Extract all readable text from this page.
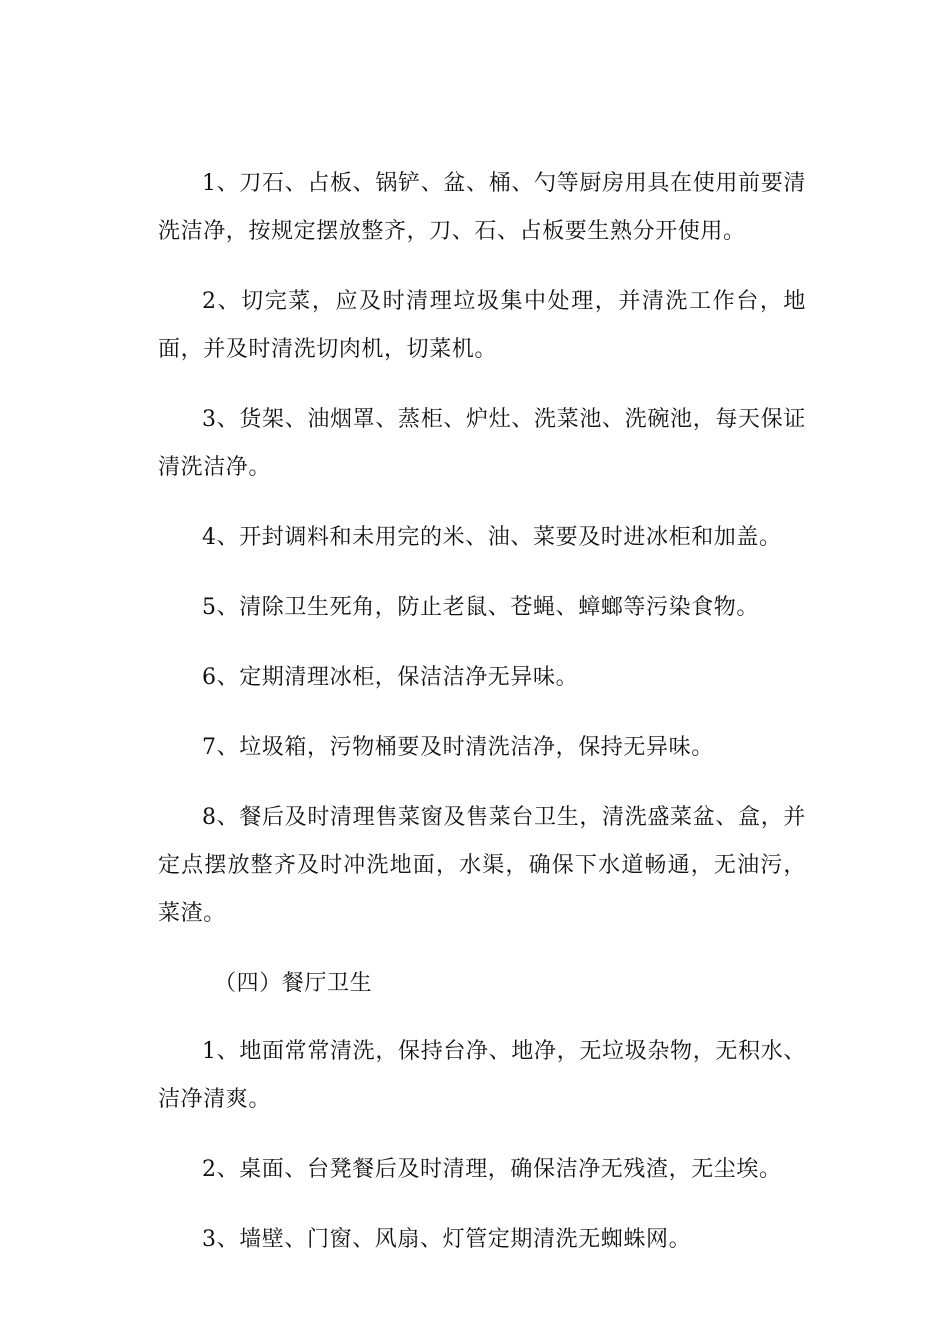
1、刀石、占板、锅铲、盆、桶、勺等厨房用具在使用前要清洗洁净，按规定摆放整齐，刀、石、占板要生熟分开使用。

2、切完菜，应及时清理垃圾集中处理，并清洗工作台，地面，并及时清洗切肉机，切菜机。

3、货架、油烟罩、蒸柜、炉灶、洗菜池、洗碗池，每天保证清洗洁净。

4、开封调料和未用完的米、油、菜要及时进冰柜和加盖。

5、清除卫生死角，防止老鼠、苍蝇、蟑螂等污染食物。

6、定期清理冰柜，保洁洁净无异味。

7、垃圾箱，污物桶要及时清洗洁净，保持无异味。

8、餐后及时清理售菜窗及售菜台卫生，清洗盛菜盆、盒，并定点摆放整齐及时冲洗地面，水渠，确保下水道畅通，无油污，菜渣。

（四）餐厅卫生

1、地面常常清洗，保持台净、地净，无垃圾杂物，无积水、洁净清爽。

2、桌面、台凳餐后及时清理，确保洁净无残渣，无尘埃。

3、墙壁、门窗、风扇、灯管定期清洗无蜘蛛网。
